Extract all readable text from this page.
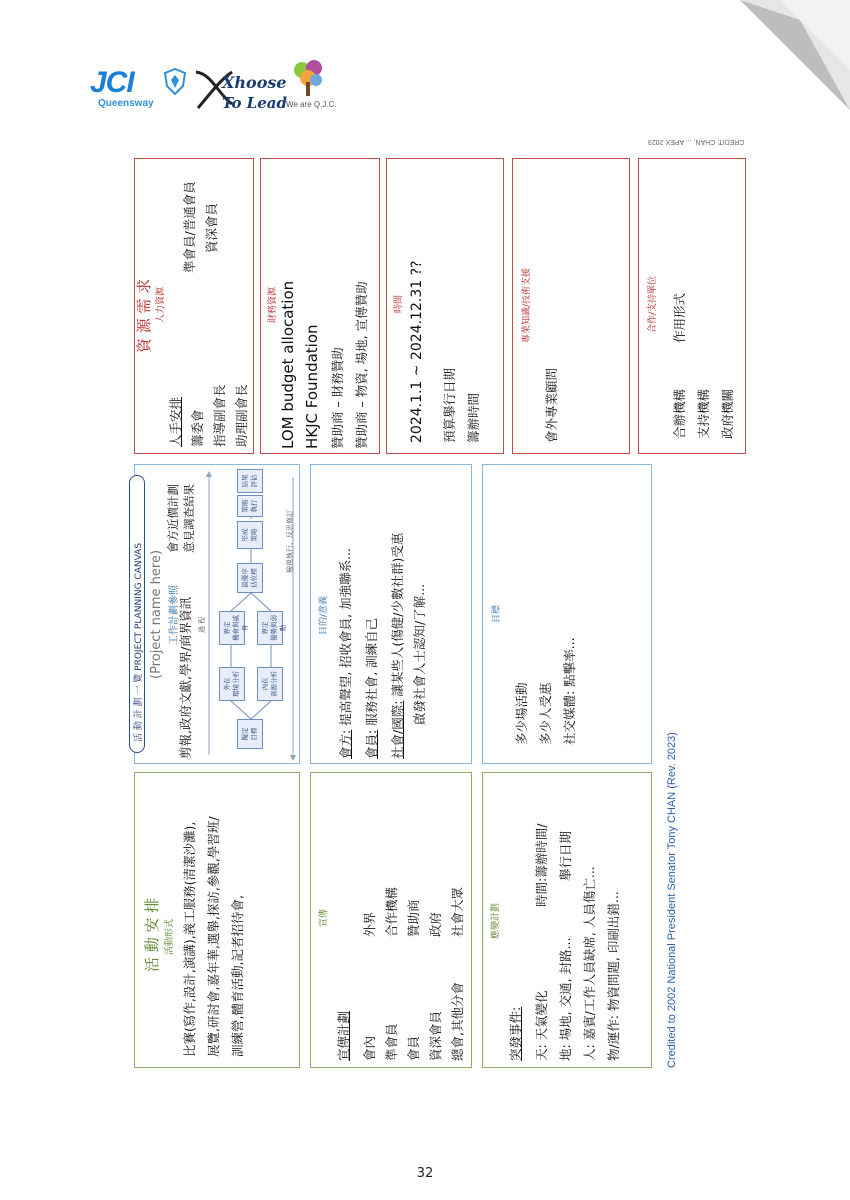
JCI
Queensway
Xhoose
To Lead We are Q.J.C.
活 動 安 排 活動形式 比賽(寫作,設計,演講),義工服務(清潔沙灘), 展覽,研討會,嘉年華,選舉,探訪,參觀,學習班/ 訓練營,體育活動,記者招待會,	宣傳
宣傳計劃 會內 準會員 會員 資深會員 總會,其他分會
外界 合作機構 贊助商 政府 社會大眾	應變計劃
突發事件: 天: 天氣變化 地: 場地, 交通, 封路... 人: 嘉賓/工作人員缺席, 人員傷亡... 物/運作: 物資問題, 印刷出錯...
時間:籌辦時間/ 舉行日期
活 動 計 劃 一 覽 PROJECT PLANNING CANVAS (Project name here) 工作計劃參照
剪報,政府文獻,學界/商界資訊
會方近價計劃 意見調查結果
過 程
檢視執行、反思修訂
擬定
目標
外在
環境分析	內在
資源分析
界定
機會與威脅	界定
優勢與弱點
最優序
佔位標
形成
策略
策略
執行
結果
評估
目的/意義
會方: 提高聲望, 招收會員, 加強聯系...
會員: 服務社會, 訓練自己 社會/國際: 讓某些人(傷健/少數社群)受惠 啟發社會人士認知/了解...	目標
多少場活動 多少人受惠 社交媒體: 點擊率...
資 源 需 求 人力資源
人手安排 籌委會 指導副會長 助理副會長
準會員/普通會員 資深會員
財務資源 LOM budget allocation HKJC Foundation 贊助商 – 財務贊助 贊助商 – 物資, 場地, 宣傳贊助	時間 2024.1.1 ~ 2024.12.31 ?? 預算舉行日期 籌辦時間
專業知識/技術支援
會外專業顧問
合作/支持單位
合辦機構
作用形式
支持機構 政府機關
Credited to 2002 National President Senator Tony CHAN (Rev. 2023)
CREDIT: CHAN, ... APEX 2023
32
